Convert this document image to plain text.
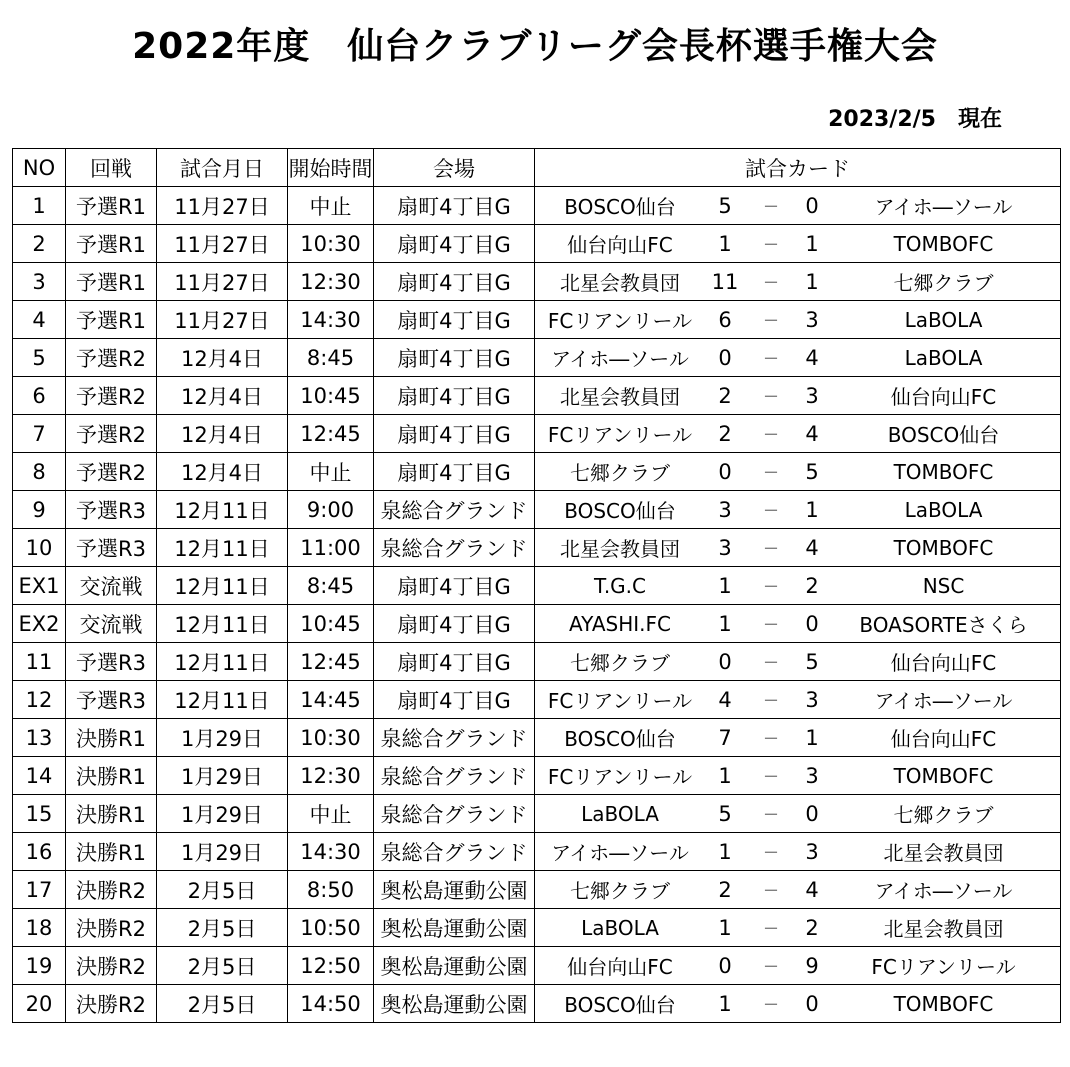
2022年度　仙台クラブリーグ会長杯選手権大会
2023/2/5　現在
NO	回戦	試合月日	開始時間	会場	試合カード
1	予選R1	11月27日	中止	扇町4丁目G	BOSCO仙台 5 － 0 アイホ―ソール

2	予選R1	11月27日	10:30	扇町4丁目G	仙台向山FC 1 － 1 TOMBOFC

3	予選R1	11月27日	12:30	扇町4丁目G	北星会教員団 11 － 1 七郷クラブ

4	予選R1	11月27日	14:30	扇町4丁目G	FCリアンリール 6 － 3 LaBOLA

5	予選R2	12月4日	8:45	扇町4丁目G	アイホ―ソール 0 － 4 LaBOLA

6	予選R2	12月4日	10:45	扇町4丁目G	北星会教員団 2 － 3 仙台向山FC

7	予選R2	12月4日	12:45	扇町4丁目G	FCリアンリール 2 － 4 BOSCO仙台

8	予選R2	12月4日	中止	扇町4丁目G	七郷クラブ 0 － 5 TOMBOFC

9	予選R3	12月11日	9:00	泉総合グランド	BOSCO仙台 3 － 1 LaBOLA

10	予選R3	12月11日	11:00	泉総合グランド	北星会教員団 3 － 4 TOMBOFC

EX1	交流戦	12月11日	8:45	扇町4丁目G	T.G.C 1 － 2 NSC

EX2	交流戦	12月11日	10:45	扇町4丁目G	AYASHI.FC 1 － 0 BOASORTEさくら

11	予選R3	12月11日	12:45	扇町4丁目G	七郷クラブ 0 － 5 仙台向山FC

12	予選R3	12月11日	14:45	扇町4丁目G	FCリアンリール 4 － 3 アイホ―ソール

13	決勝R1	1月29日	10:30	泉総合グランド	BOSCO仙台 7 － 1 仙台向山FC

14	決勝R1	1月29日	12:30	泉総合グランド	FCリアンリール 1 － 3 TOMBOFC

15	決勝R1	1月29日	中止	泉総合グランド	LaBOLA 5 － 0 七郷クラブ

16	決勝R1	1月29日	14:30	泉総合グランド	アイホ―ソール 1 － 3 北星会教員団

17	決勝R2	2月5日	8:50	奥松島運動公園	七郷クラブ 2 － 4 アイホ―ソール

18	決勝R2	2月5日	10:50	奥松島運動公園	LaBOLA 1 － 2 北星会教員団

19	決勝R2	2月5日	12:50	奥松島運動公園	仙台向山FC 0 － 9 FCリアンリール

20	決勝R2	2月5日	14:50	奥松島運動公園	BOSCO仙台 1 － 0 TOMBOFC
